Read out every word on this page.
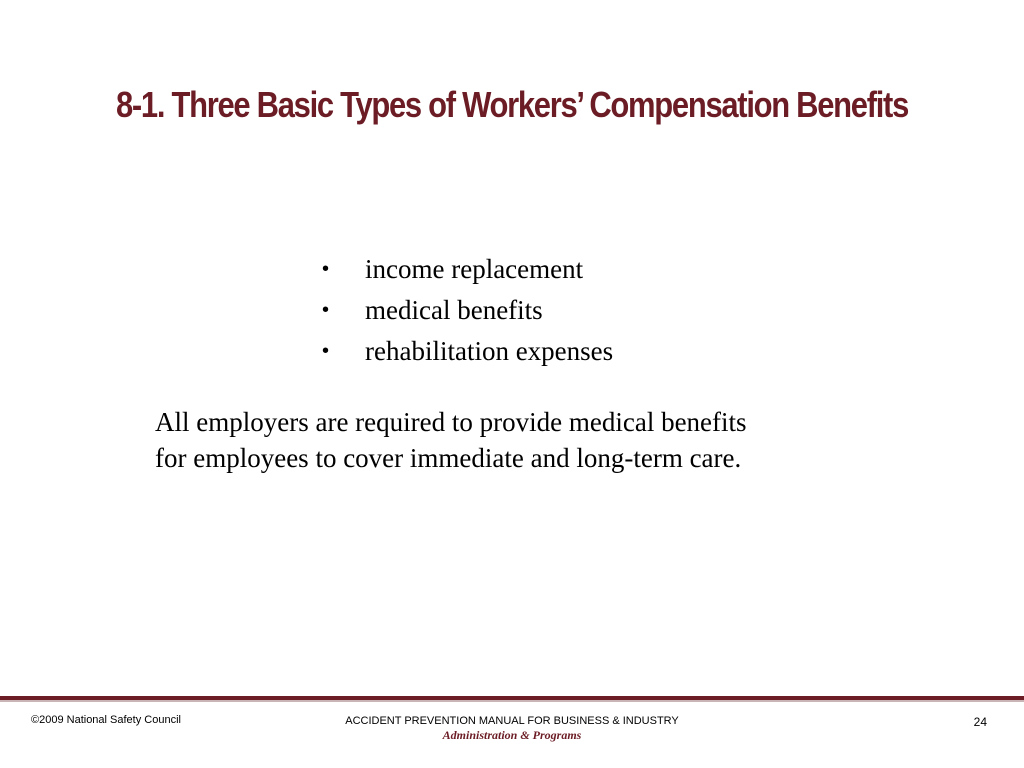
8-1. Three Basic Types of Workers’ Compensation Benefits
• income replacement
• medical benefits
• rehabilitation expenses

All employers are required to provide medical benefits
for employees to cover immediate and long-term care.

©2009 National Safety Council	ACCIDENT PREVENTION MANUAL FOR BUSINESS & INDUSTRY
Administration & Programs
24
